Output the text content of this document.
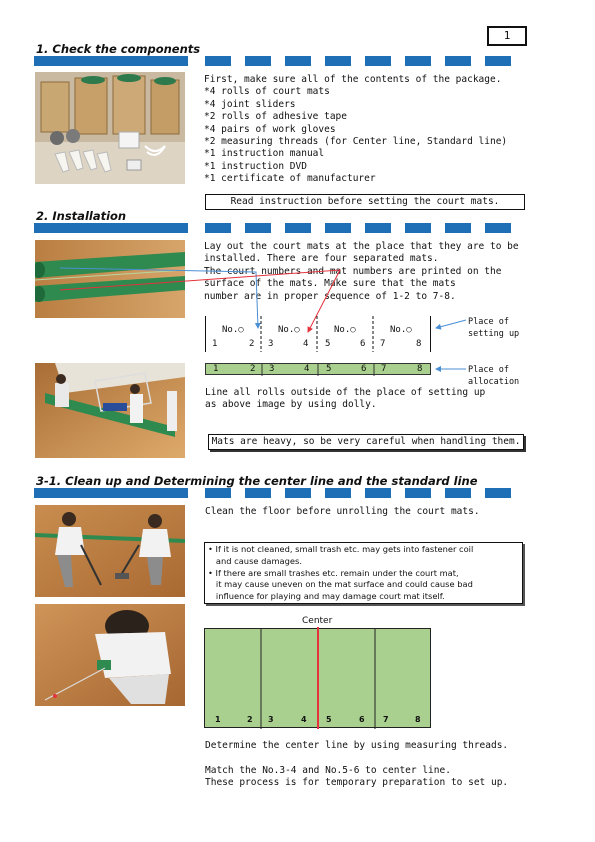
1
1. Check the components
First, make sure all of the contents of the package.
*4 rolls of court mats
*4 joint sliders
*2 rolls of adhesive tape
*4 pairs of work gloves
*2 measuring threads (for Center line, Standard line)
*1 instruction manual
*1 instruction DVD
*1 certificate of manufacturer
Read instruction before setting the court mats.
2. Installation
Lay out the court mats at the place that they are to be
installed. There are four separated mats.
The court numbers and mat numbers are printed on the
surface of the mats. Make sure that the mats
number are in proper sequence of 1-2 to 7-8.
No.○	No.○	No.○	No.○
1	2 3	4 5	6 7	8
Place of
setting up
1	2 3	4 5	6 7	8	Place of
allocation
Line all rolls outside of the place of setting up
as above image by using dolly.
Mats are heavy, so be very careful when handling them.
3-1. Clean up and Determining the center line and the standard line
Clean the floor before unrolling the court mats.
• If it is not cleaned, small trash etc. may gets into fastener coil
and cause damages.
• If there are small trashes etc. remain under the court mat,
it may cause uneven on the mat surface and could cause bad
influence for playing and may damage court mat itself.
Center
1	2 3	4 5	6 7	8
Determine the center line by using measuring threads.
Match the No.3-4 and No.5-6 to center line.
These process is for temporary preparation to set up.
